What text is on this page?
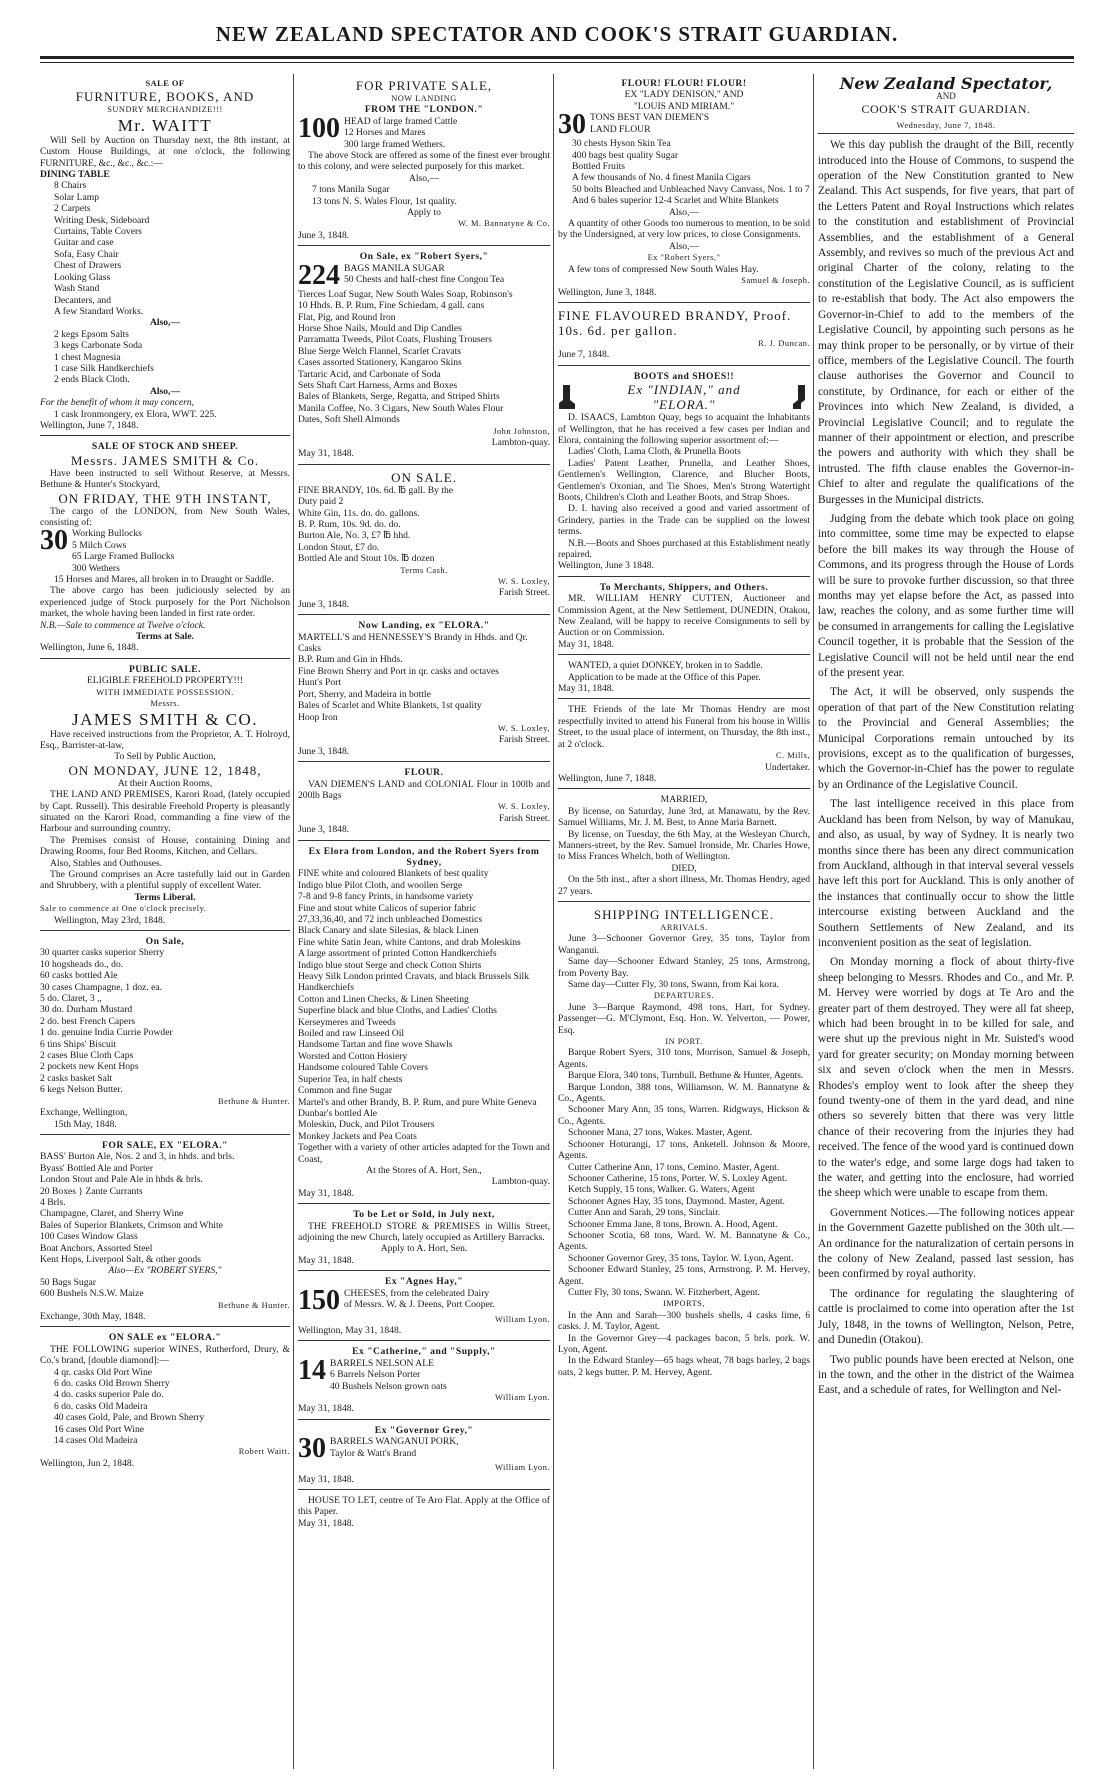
NEW ZEALAND SPECTATOR AND COOK'S STRAIT GUARDIAN.

SALE OF

FURNITURE, BOOKS, AND

SUNDRY MERCHANDIZE!!!

Mr. WAITT

Will Sell by Auction on Thursday next, the 8th instant, at Custom House Buildings, at one o'clock, the following FURNITURE, &c., &c., &c.:—

DINING TABLE

8 Chairs

Solar Lamp

2 Carpets

Writing Desk, Sideboard

Curtains, Table Covers

Guitar and case

Sofa, Easy Chair

Chest of Drawers

Looking Glass

Wash Stand

Decanters, and

A few Standard Works.

Also,—

2 kegs Epsom Salts

3 kegs Carbonate Soda

1 chest Magnesia

1 case Silk Handkerchiefs

2 ends Black Cloth.

Also,—

For the benefit of whom it may concern,

1 cask Ironmongery, ex Elora, WWT. 225.

Wellington, June 7, 1848.

SALE OF STOCK AND SHEEP.

Messrs. JAMES SMITH & Co.

Have been instructed to sell Without Reserve, at Messrs. Bethune & Hunter's Stockyard,

ON FRIDAY, THE 9TH INSTANT,

The cargo of the LONDON, from New South Wales, consisting of:

30 Working Bullocks

5 Milch Cows

65 Large Framed Bullocks

300 Wethers

15 Horses and Mares, all broken in to Draught or Saddle.

The above cargo has been judiciously selected by an experienced judge of Stock purposely for the Port Nicholson market, the whole having been landed in first rate order.

N.B.—Sale to commence at Twelve o'clock.

Terms at Sale.

Wellington, June 6, 1848.

PUBLIC SALE.

ELIGIBLE FREEHOLD PROPERTY!!!

WITH IMMEDIATE POSSESSION.

Messrs.

JAMES SMITH & CO.

Have received instructions from the Proprietor, A. T. Holroyd, Esq., Barrister-at-law,

To Sell by Public Auction,

ON MONDAY, JUNE 12, 1848,

At their Auction Rooms,

THE LAND AND PREMISES, Karori Road, (lately occupied by Capt. Russell). This desirable Freehold Property is pleasantly situated on the Karori Road, commanding a fine view of the Harbour and surrounding country.

The Premises consist of House, containing Dining and Drawing Rooms, four Bed Rooms, Kitchen, and Cellars.

Also, Stables and Outhouses.

The Ground comprises an Acre tastefully laid out in Garden and Shrubbery, with a plentiful supply of excellent Water.

Terms Liberal.

Sale to commence at One o'clock precisely.

Wellington, May 23rd, 1848.

On Sale,

30 quarter casks superior Sherry

10 hogsheads do., do.

60 casks bottled Ale

30 cases Champagne, 1 doz. ea.

5 do. Claret, 3 ,,

30 do. Durham Mustard

2 do. best French Capers

1 do. genuine India Currie Powder

6 tins Ships' Biscuit

2 cases Blue Cloth Caps

2 pockets new Kent Hops

2 casks basket Salt

6 kegs Nelson Butter.

Bethune & Hunter.

Exchange, Wellington,

15th May, 1848.

FOR SALE, EX "ELORA."

BASS' Burton Ale, Nos. 2 and 3, in hhds. and brls.

Byass' Bottled Ale and Porter

London Stout and Pale Ale in hhds & brls.

20 Boxes } Zante Currants

4 Brls.

Champagne, Claret, and Sherry Wine

Bales of Superior Blankets, Crimson and White

100 Cases Window Glass

Boat Anchors, Assorted Steel

Kent Hops, Liverpool Salt, & other goods

Also—Ex "ROBERT SYERS,"

50 Bags Sugar

600 Bushels N.S.W. Maize

Bethune & Hunter.

Exchange, 30th May, 1848.

ON SALE ex "ELORA."

THE FOLLOWING superior WINES, Rutherford, Drury, & Co.'s brand, [double diamond]:—

4 qr. casks Old Port Wine

6 do. casks Old Brown Sherry

4 do. casks superior Pale do.

6 do. casks Old Madeira

40 cases Gold, Pale, and Brown Sherry

16 cases Old Port Wine

14 cases Old Madeira

Robert Waitt.

Wellington, Jun 2, 1848.

FOR PRIVATE SALE,

NOW LANDING

FROM THE "LONDON."

100 HEAD of large framed Cattle

12 Horses and Mares

300 large framed Wethers.

The above Stock are offered as some of the finest ever brought to this colony, and were selected purposely for this market.

Also,—

7 tons Manila Sugar

13 tons N. S. Wales Flour, 1st quality.

Apply to

W. M. Bannatyne & Co.

June 3, 1848.

On Sale, ex "Robert Syers,"

224 BAGS MANILA SUGAR

50 Chests and half-chest fine Congou Tea

Tierces Loaf Sugar, New South Wales Soap, Robinson's

10 Hhds. B. P. Rum, Fine Schiedam, 4 gall. cans

Flat, Pig, and Round Iron

Horse Shoe Nails, Mould and Dip Candles

Parramatta Tweeds, Pilot Coats, Flushing Trousers

Blue Serge Welch Flannel, Scarlet Cravats

Cases assorted Stationery, Kangaroo Skins

Tartaric Acid, and Carbonate of Soda

Sets Shaft Cart Harness, Arms and Boxes

Bales of Blankets, Serge, Regatta, and Striped Shirts

Manila Coffee, No. 3 Cigars, New South Wales Flour

Dates, Soft Shell Almonds

John Johnston,

Lambton-quay.

May 31, 1848.

ON SALE.

FINE BRANDY, 10s. 6d. ℔ gall. By the

Duty paid 2

White Gin, 11s. do. do. gallons.

B. P. Rum, 10s. 9d. do. do.

Burton Ale, No. 3, £7 ℔ hhd.

London Stout, £7 do.

Bottled Ale and Stout 10s. ℔ dozen

Terms Cash.

W. S. Loxley,

Farish Street.

June 3, 1848.

Now Landing, ex "ELORA."

MARTELL'S and HENNESSEY'S Brandy in Hhds. and Qr. Casks

B.P. Rum and Gin in Hhds.

Fine Brown Sherry and Port in qr. casks and octaves

Hunt's Port

Port, Sherry, and Madeira in bottle

Bales of Scarlet and White Blankets, 1st quality

Hoop Iron

W. S. Loxley,

Farish Street.

June 3, 1848.

FLOUR.

VAN DIEMEN'S LAND and COLONIAL Flour in 100lb and 200lb Bags

W. S. Loxley,

Farish Street.

June 3, 1848.

Ex Elora from London, and the Robert Syers from Sydney,

FINE white and coloured Blankets of best quality

Indigo blue Pilot Cloth, and woollen Serge

7-8 and 9-8 fancy Prints, in handsome variety

Fine and stout white Calicos of superior fabric

27,33,36,40, and 72 inch unbleached Domestics

Black Canary and slate Silesias, & black Linen

Fine white Satin Jean, white Cantons, and drab Moleskins

A large assortment of printed Cotton Handkerchiefs

Indigo blue stout Serge and check Cotton Shirts

Heavy Silk London printed Cravats, and black Brussels Silk Handkerchiefs

Cotton and Linen Checks, & Linen Sheeting

Superfine black and blue Cloths, and Ladies' Cloths

Kerseymeres and Tweeds

Boiled and raw Linseed Oil

Handsome Tartan and fine wove Shawls

Worsted and Cotton Hosiery

Handsome coloured Table Covers

Superior Tea, in half chests

Common and fine Sugar

Martel's and other Brandy, B. P. Rum, and pure White Geneva

Dunbar's bottled Ale

Moleskin, Duck, and Pilot Trousers

Monkey Jackets and Pea Coats

Together with a variety of other articles adapted for the Town and Coast,

At the Stores of A. Hort, Sen.,

Lambton-quay.

May 31, 1848.

To be Let or Sold, in July next,

THE FREEHOLD STORE & PREMISES in Willis Street, adjoining the new Church, lately occupied as Artillery Barracks.

Apply to A. Hort, Sen.

May 31, 1848.

Ex "Agnes Hay,"

150 CHEESES, from the celebrated Dairy

of Messrs. W. & J. Deens, Port Cooper.

William Lyon.

Wellington, May 31, 1848.

Ex "Catherine," and "Supply,"

14 BARRELS NELSON ALE

6 Barrels Nelson Porter

40 Bushels Nelson grown oats

William Lyon.

May 31, 1848.

Ex "Governor Grey,"

30 BARRELS WANGANUI PORK,

Taylor & Watt's Brand

William Lyon.

May 31, 1848.

HOUSE TO LET, centre of Te Aro Flat. Apply at the Office of this Paper.

May 31, 1848.

FLOUR! FLOUR! FLOUR!

EX "LADY DENISON," AND

"LOUIS AND MIRIAM."

30 TONS BEST VAN DIEMEN'S

LAND FLOUR

30 chests Hyson Skin Tea

400 bags best quality Sugar

Bottled Fruits

A few thousands of No. 4 finest Manila Cigars

50 bolts Bleached and Unbleached Navy Canvass, Nos. 1 to 7

And 6 bales superior 12-4 Scarlet and White Blankets

Also,—

A quantity of other Goods too numerous to mention, to be sold by the Undersigned, at very low prices, to close Consignments.

Also,—

Ex "Robert Syers,"

A few tons of compressed New South Wales Hay.

Samuel & Joseph.

Wellington, June 3, 1848.

FINE FLAVOURED BRANDY, Proof. 10s. 6d. per gallon.

R. J. Duncan.

June 7, 1848.

BOOTS and SHOES!!

Ex "INDIAN," and

"ELORA."

D. ISAACS, Lambton Quay, begs to acquaint the Inhabitants of Wellington, that he has received a few cases per Indian and Elora, containing the following superior assortment of:—

Ladies' Cloth, Lama Cloth, & Prunella Boots

Ladies' Patent Leather, Prunella, and Leather Shoes, Gentlemen's Wellington, Clarence, and Blucher Boots, Gentlemen's Oxonian, and Tie Shoes, Men's Strong Watertight Boots, Children's Cloth and Leather Boots, and Strap Shoes.

D. I. having also received a good and varied assortment of Grindery, parties in the Trade can be supplied on the lowest terms.

N.B.—Boots and Shoes purchased at this Establishment neatly repaired.

Wellington, June 3 1848.

To Merchants, Shippers, and Others.

MR. WILLIAM HENRY CUTTEN, Auctioneer and Commission Agent, at the New Settlement, DUNEDIN, Otakou, New Zealand, will be happy to receive Consignments to sell by Auction or on Commission.

May 31, 1848.

WANTED, a quiet DONKEY, broken in to Saddle.

Application to be made at the Office of this Paper.

May 31, 1848.

THE Friends of the late Mr Thomas Hendry are most respectfully invited to attend his Funeral from his house in Willis Street, to the usual place of interment, on Thursday, the 8th inst., at 2 o'clock.

C. Mills,

Undertaker.

Wellington, June 7, 1848.

MARRIED,

By license, on Saturday, June 3rd, at Manawatu, by the Rev. Samuel Williams, Mr. J. M. Best, to Anne Maria Barnett.

By license, on Tuesday, the 6th May, at the Wesleyan Church, Manners-street, by the Rev. Samuel Ironside, Mr. Charles Howe, to Miss Frances Whelch, both of Wellington.

DIED,

On the 5th inst., after a short illness, Mr. Thomas Hendry, aged 27 years.

SHIPPING INTELLIGENCE.

ARRIVALS.

June 3—Schooner Governor Grey, 35 tons, Taylor from Wanganui.

Same day—Schooner Edward Stanley, 25 tons, Armstrong, from Poverty Bay.

Same day—Cutter Fly, 30 tons, Swann, from Kai kora.

DEPARTURES.

June 3—Barque Raymond, 498 tons, Hart, for Sydney. Passenger—G. M'Clymont, Esq. Hon. W. Yelverton, — Power, Esq.

IN PORT.

Barque Robert Syers, 310 tons, Morrison, Samuel & Joseph, Agents.

Barque Elora, 340 tons, Turnbull. Bethune & Hunter, Agents.

Barque London, 388 tons, Williamson. W. M. Bannatyne & Co., Agents.

Schooner Mary Ann, 35 tons, Warren. Ridgways, Hickson & Co., Agents.

Schooner Mana, 27 tons, Wakes. Master, Agent.

Schooner Hoturangi, 17 tons, Anketell. Johnson & Moore, Agents.

Cutter Catherine Ann, 17 tons, Cemino. Master, Agent.

Schooner Catherine, 15 tons, Porter. W. S. Loxley Agent.

Ketch Supply, 15 tons, Walker. G. Waters, Agent

Schooner Agnes Hay, 35 tons, Daymond. Master, Agent.

Cutter Ann and Sarah, 29 tons, Sinclair.

Schooner Emma Jane, 8 tons, Brown. A. Hood, Agent.

Schooner Scotia, 68 tons, Ward. W. M. Bannatyne & Co., Agents.

Schooner Governor Grey, 35 tons, Taylor. W. Lyon, Agent.

Schooner Edward Stanley, 25 tons, Armstrong. P. M. Hervey, Agent.

Cutter Fly, 30 tons, Swann. W. Fitzherbert, Agent.

IMPORTS,

In the Ann and Sarah—300 bushels shells, 4 casks lime, 6 casks. J. M. Taylor, Agent.

In the Governor Grey—4 packages bacon, 5 brls. pork. W. Lyon, Agent.

In the Edward Stanley—65 bags wheat, 78 bags barley, 2 bags oats, 2 kegs butter. P. M. Hervey, Agent.

New Zealand Spectator,

AND

COOK'S STRAIT GUARDIAN.

Wednesday, June 7, 1848.

We this day publish the draught of the Bill, recently introduced into the House of Commons, to suspend the operation of the New Constitution granted to New Zealand. This Act suspends, for five years, that part of the Letters Patent and Royal Instructions which relates to the constitution and establishment of Provincial Assemblies, and the establishment of a General Assembly, and revives so much of the previous Act and original Charter of the colony, relating to the constitution of the Legislative Council, as is sufficient to re-establish that body. The Act also empowers the Governor-in-Chief to add to the members of the Legislative Council, by appointing such persons as he may think proper to be personally, or by virtue of their office, members of the Legislative Council. The fourth clause authorises the Governor and Council to constitute, by Ordinance, for each or either of the Provinces into which New Zealand, is divided, a Provincial Legislative Council; and to regulate the manner of their appointment or election, and prescribe the powers and authority with which they shall be intrusted. The fifth clause enables the Governor-in-Chief to alter and regulate the qualifications of the Burgesses in the Municipal districts.

Judging from the debate which took place on going into committee, some time may be expected to elapse before the bill makes its way through the House of Commons, and its progress through the House of Lords will be sure to provoke further discussion, so that three months may yet elapse before the Act, as passed into law, reaches the colony, and as some further time will be consumed in arrangements for calling the Legislative Council together, it is probable that the Session of the Legislative Council will not be held until near the end of the present year.

The Act, it will be observed, only suspends the operation of that part of the New Constitution relating to the Provincial and General Assemblies; the Municipal Corporations remain untouched by its provisions, except as to the qualification of burgesses, which the Governor-in-Chief has the power to regulate by an Ordinance of the Legislative Council.

The last intelligence received in this place from Auckland has been from Nelson, by way of Manukau, and also, as usual, by way of Sydney. It is nearly two months since there has been any direct communication from Auckland, although in that interval several vessels have left this port for Auckland. This is only another of the instances that continually occur to show the little intercourse existing between Auckland and the Southern Settlements of New Zealand, and its inconvenient position as the seat of legislation.

On Monday morning a flock of about thirty-five sheep belonging to Messrs. Rhodes and Co., and Mr. P. M. Hervey were worried by dogs at Te Aro and the greater part of them destroyed. They were all fat sheep, which had been brought in to be killed for sale, and were shut up the previous night in Mr. Suisted's wood yard for greater security; on Monday morning between six and seven o'clock when the men in Messrs. Rhodes's employ went to look after the sheep they found twenty-one of them in the yard dead, and nine others so severely bitten that there was very little chance of their recovering from the injuries they had received. The fence of the wood yard is continued down to the water's edge, and some large dogs had taken to the water, and getting into the enclosure, had worried the sheep which were unable to escape from them.

Government Notices.—The following notices appear in the Government Gazette published on the 30th ult.—An ordinance for the naturalization of certain persons in the colony of New Zealand, passed last session, has been confirmed by royal authority.

The ordinance for regulating the slaughtering of cattle is proclaimed to come into operation after the 1st July, 1848, in the towns of Wellington, Nelson, Petre, and Dunedin (Otakou).

Two public pounds have been erected at Nelson, one in the town, and the other in the district of the Waimea East, and a schedule of rates, for Wellington and Nel-
